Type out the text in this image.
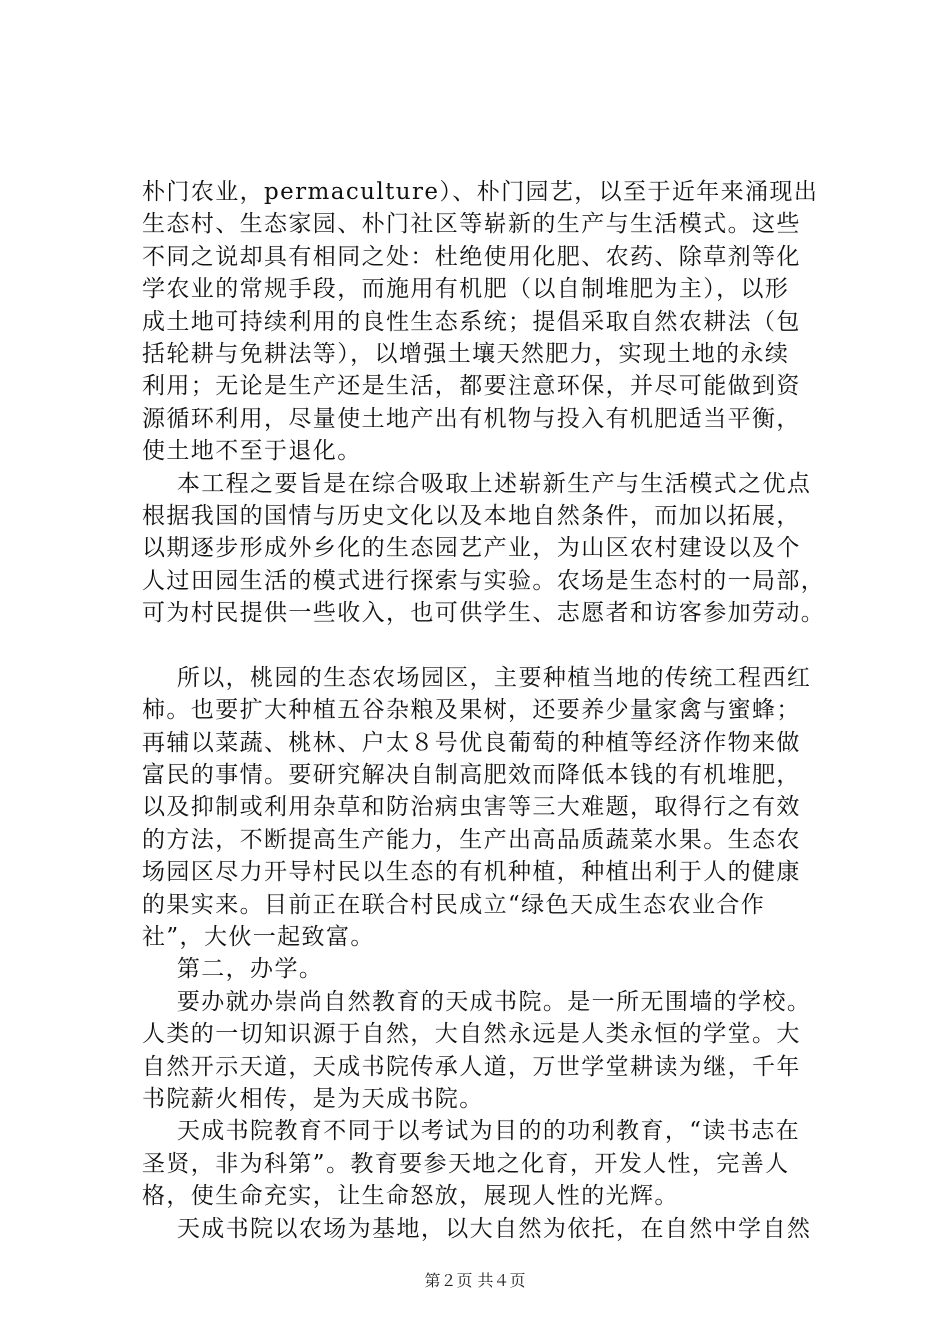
朴门农业，permaculture）、朴门园艺，以至于近年来涌现出
生态村、生态家园、朴门社区等崭新的生产与生活模式。这些
不同之说却具有相同之处：杜绝使用化肥、农药、除草剂等化
学农业的常规手段，而施用有机肥（以自制堆肥为主），以形
成土地可持续利用的良性生态系统；提倡采取自然农耕法（包
括轮耕与免耕法等），以增强土壤天然肥力，实现土地的永续
利用；无论是生产还是生活，都要注意环保，并尽可能做到资
源循环利用，尽量使土地产出有机物与投入有机肥适当平衡，
使土地不至于退化。
本工程之要旨是在综合吸取上述崭新生产与生活模式之优点
根据我国的国情与历史文化以及本地自然条件，而加以拓展，
以期逐步形成外乡化的生态园艺产业，为山区农村建设以及个
人过田园生活的模式进行探索与实验。农场是生态村的一局部，
可为村民提供一些收入，也可供学生、志愿者和访客参加劳动。
所以，桃园的生态农场园区，主要种植当地的传统工程西红
柿。也要扩大种植五谷杂粮及果树，还要养少量家禽与蜜蜂；
再辅以菜蔬、桃林、户太８号优良葡萄的种植等经济作物来做
富民的事情。要研究解决自制高肥效而降低本钱的有机堆肥，
以及抑制或利用杂草和防治病虫害等三大难题，取得行之有效
的方法，不断提高生产能力，生产出高品质蔬菜水果。生态农
场园区尽力开导村民以生态的有机种植，种植出利于人的健康
的果实来。目前正在联合村民成立“绿色天成生态农业合作
社”，大伙一起致富。
第二，办学。
要办就办崇尚自然教育的天成书院。是一所无围墙的学校。
人类的一切知识源于自然，大自然永远是人类永恒的学堂。大
自然开示天道，天成书院传承人道，万世学堂耕读为继，千年
书院薪火相传，是为天成书院。
天成书院教育不同于以考试为目的的功利教育，“读书志在
圣贤，非为科第”。教育要参天地之化育，开发人性，完善人
格，使生命充实，让生命怒放，展现人性的光辉。
天成书院以农场为基地，以大自然为依托，在自然中学自然
第２页 共４页
